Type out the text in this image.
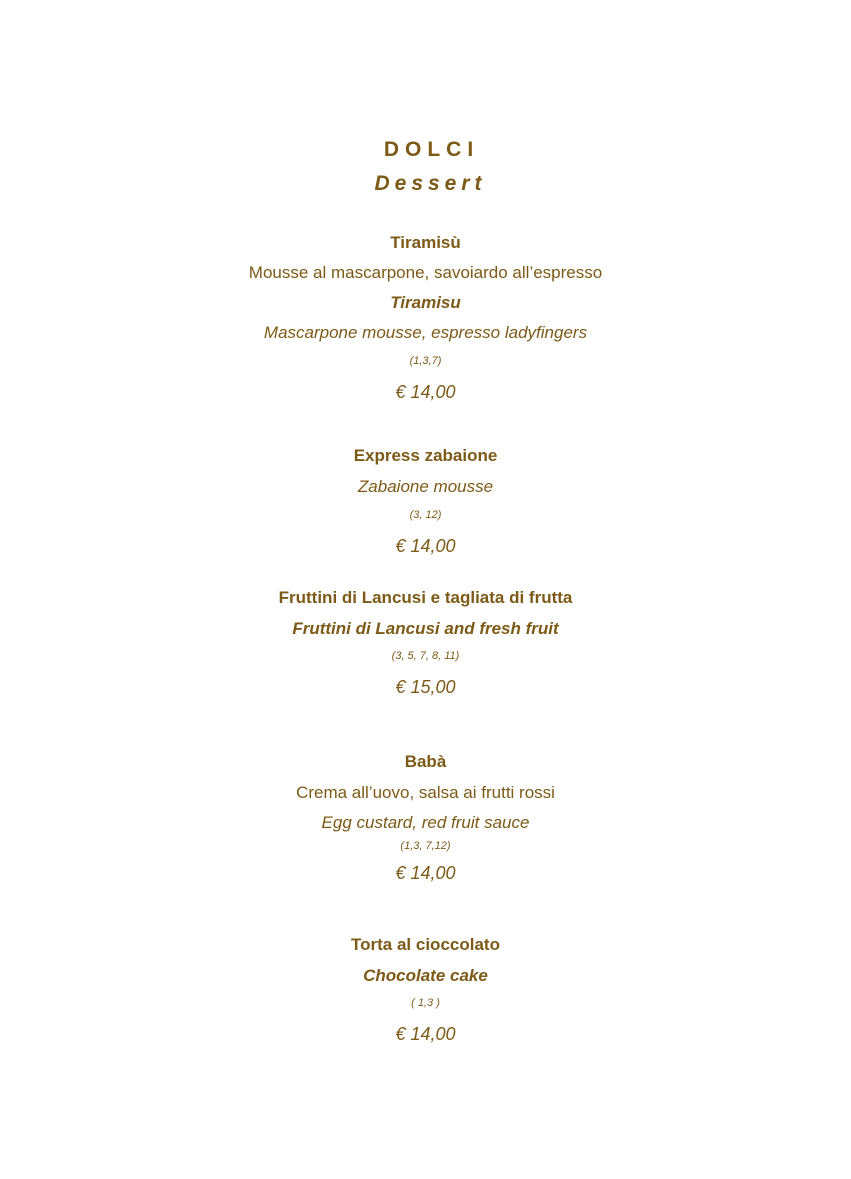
DOLCI
Dessert
Tiramisù
Mousse al mascarpone, savoiardo all’espresso
Tiramisu
Mascarpone mousse, espresso ladyfingers
(1,3,7)
€ 14,00
Express zabaione
Zabaione mousse
(3, 12)
€ 14,00
Fruttini di Lancusi e tagliata di frutta
Fruttini di Lancusi and fresh fruit
(3, 5, 7, 8, 11)
€ 15,00
Babà
Crema all’uovo, salsa ai frutti rossi
Egg custard, red fruit sauce
(1,3, 7,12)
€ 14,00
Torta al cioccolato
Chocolate cake
( 1,3 )
€ 14,00
